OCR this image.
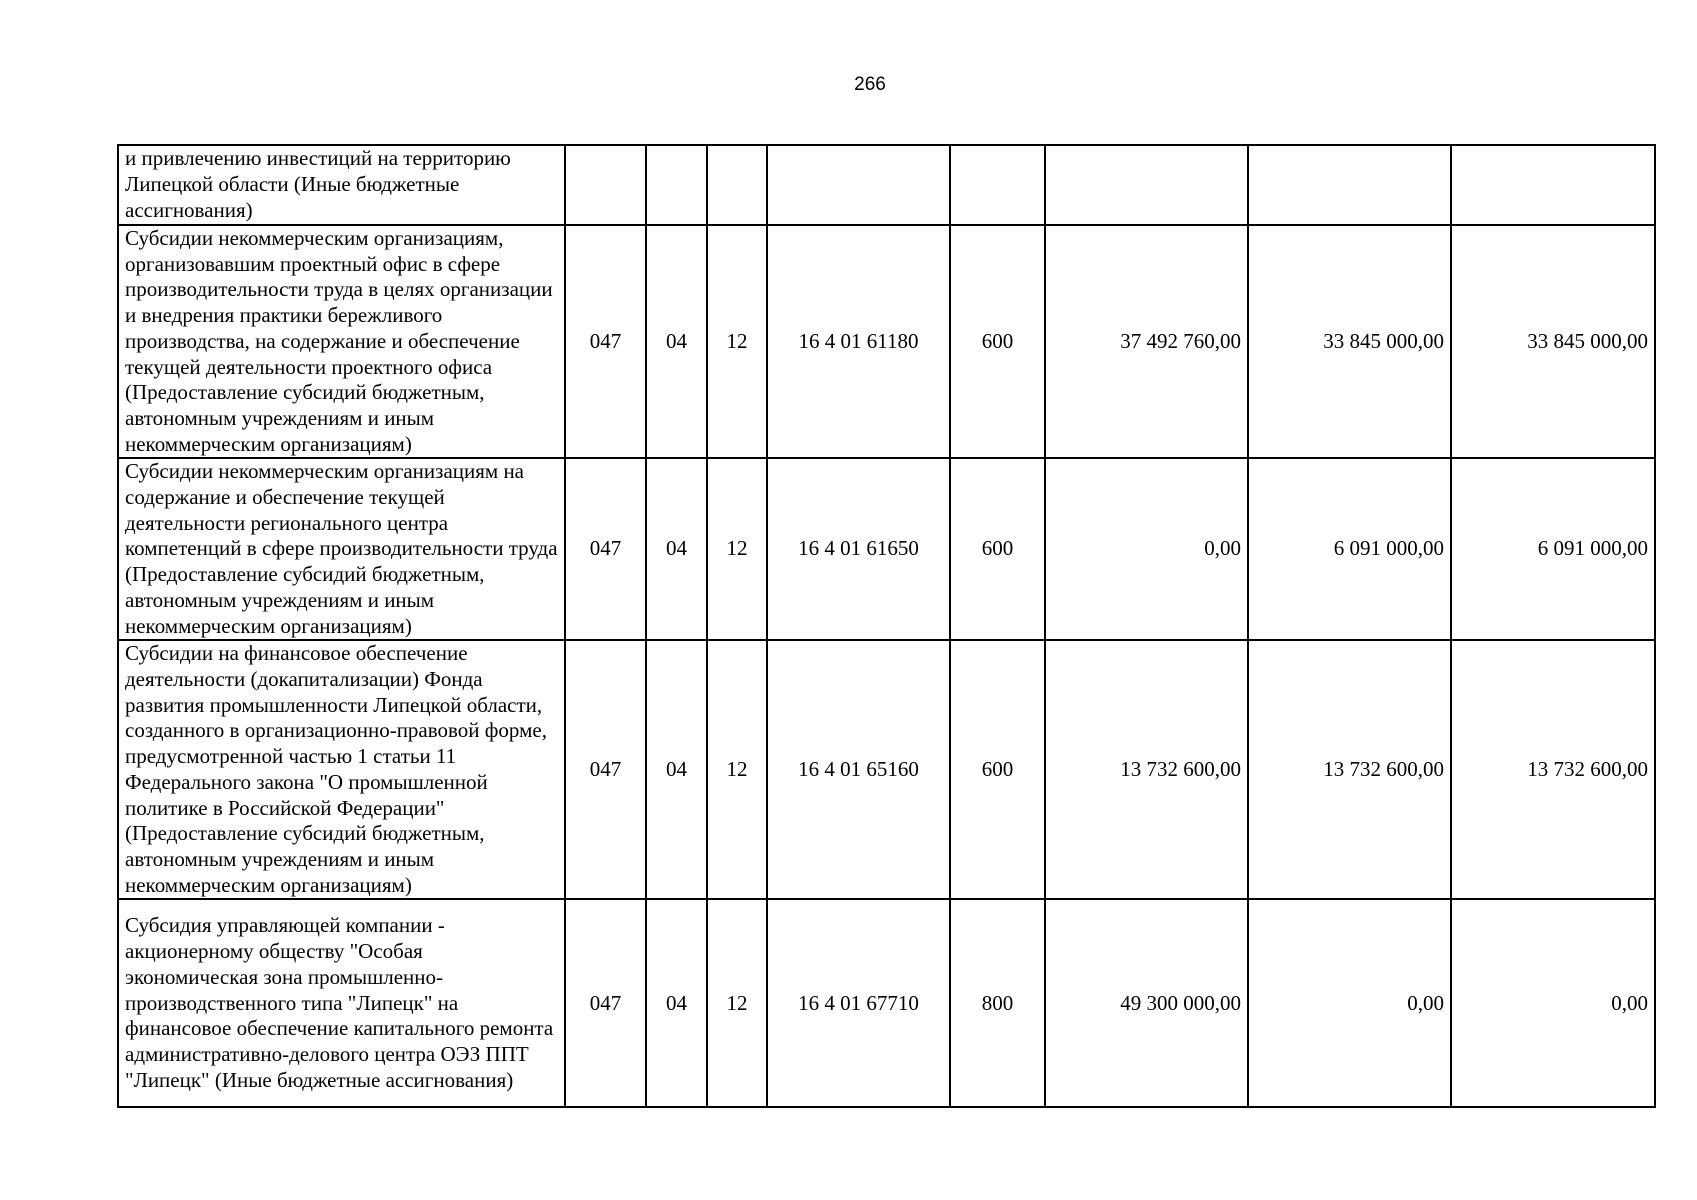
266
и привлечению инвестиций на территорию Липецкой области (Иные бюджетные ассигнования)								
Субсидии некоммерческим организациям, организовавшим проектный офис в сфере производительности труда в целях организации и внедрения практики бережливого производства, на содержание и обеспечение текущей деятельности проектного офиса (Предоставление субсидий бюджетным, автономным учреждениям и иным некоммерческим организациям)	047	04	12	16 4 01 61180	600	37 492 760,00	33 845 000,00	33 845 000,00
Субсидии некоммерческим организациям на содержание и обеспечение текущей деятельности регионального центра компетенций в сфере производительности труда (Предоставление субсидий бюджетным, автономным учреждениям и иным некоммерческим организациям)	047	04	12	16 4 01 61650	600	0,00	6 091 000,00	6 091 000,00
Субсидии на финансовое обеспечение деятельности (докапитализации) Фонда развития промышленности Липецкой области, созданного в организационно-правовой форме, предусмотренной частью 1 статьи 11 Федерального закона "О промышленной политике в Российской Федерации" (Предоставление субсидий бюджетным, автономным учреждениям и иным некоммерческим организациям)	047	04	12	16 4 01 65160	600	13 732 600,00	13 732 600,00	13 732 600,00
Субсидия управляющей компании - акционерному обществу "Особая экономическая зона промышленно-производственного типа "Липецк" на финансовое обеспечение капитального ремонта административно-делового центра ОЭЗ ППТ "Липецк" (Иные бюджетные ассигнования)	047	04	12	16 4 01 67710	800	49 300 000,00	0,00	0,00
